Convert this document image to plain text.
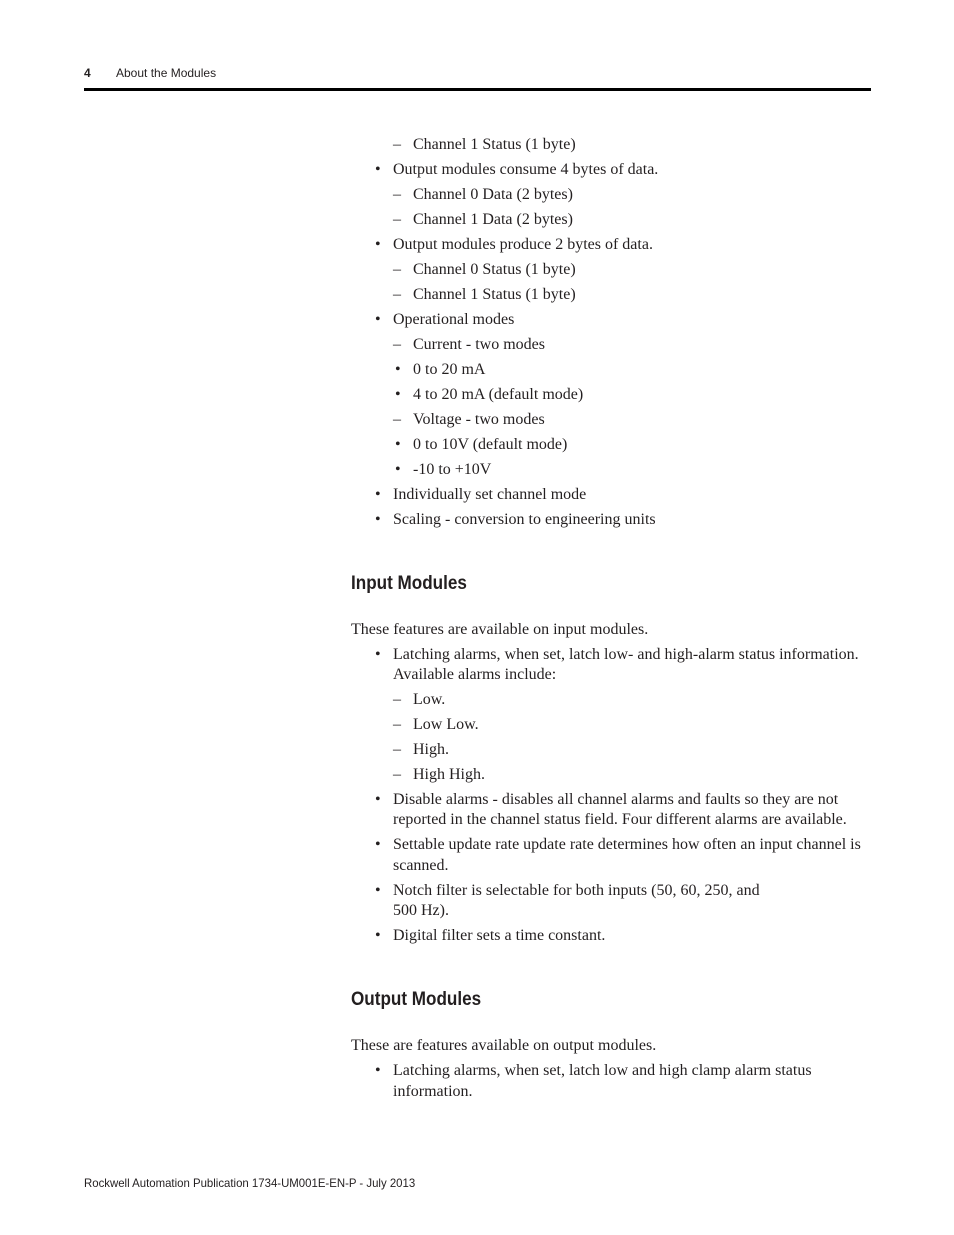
4 About the Modules
– Channel 1 Status (1 byte)
• Output modules consume 4 bytes of data.
– Channel 0 Data (2 bytes)
– Channel 1 Data (2 bytes)
• Output modules produce 2 bytes of data.
– Channel 0 Status (1 byte)
– Channel 1 Status (1 byte)
• Operational modes
– Current - two modes
• 0 to 20 mA
• 4 to 20 mA (default mode)
– Voltage - two modes
• 0 to 10V (default mode)
• -10 to +10V
• Individually set channel mode
• Scaling - conversion to engineering units
Input Modules
These features are available on input modules.
• Latching alarms, when set, latch low- and high-alarm status information.
Available alarms include:
– Low.
– Low Low.
– High.
– High High.
• Disable alarms - disables all channel alarms and faults so they are not
reported in the channel status field. Four different alarms are available.
• Settable update rate update rate determines how often an input channel is
scanned.
• Notch filter is selectable for both inputs (50, 60, 250, and
500 Hz).
• Digital filter sets a time constant.
Output Modules
These are features available on output modules.
• Latching alarms, when set, latch low and high clamp alarm status
information.
Rockwell Automation Publication 1734-UM001E-EN-P - July 2013
